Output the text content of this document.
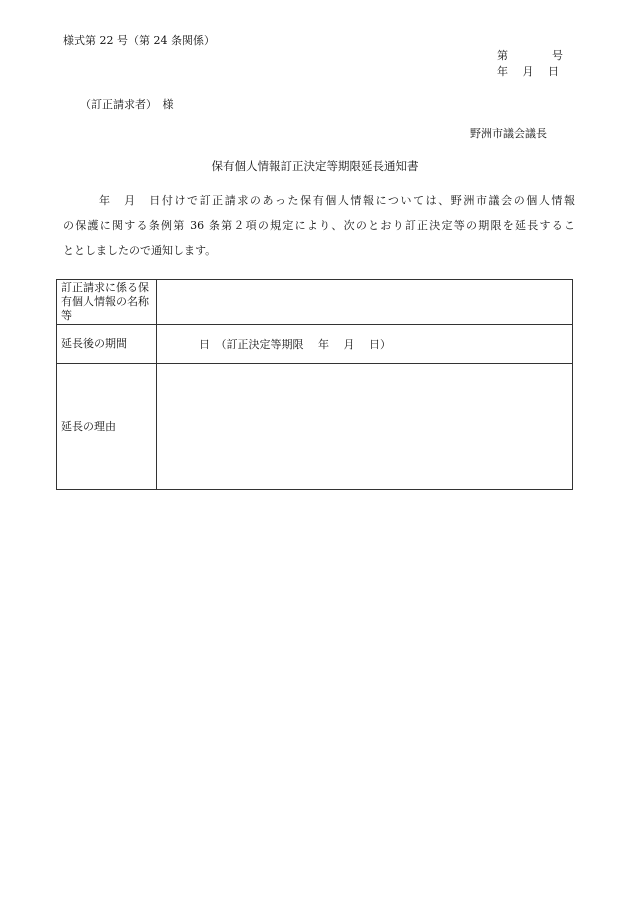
様式第 22 号（第 24 条関係）
第　　　　号
年　 月　 日
（訂正請求者）　様
野洲市議会議長
保有個人情報訂正決定等期限延長通知書
年　月　日付けで訂正請求のあった保有個人情報については、野洲市議会の個人情報
の保護に関する条例第 36 条第２項の規定により、次のとおり訂正決定等の期限を延長するこ
ととしましたので通知します。
訂正請求に係る保有個人情報の名称等	
延長後の期間	日　（訂正決定等期限　 年　 月　 日）
延長の理由	
